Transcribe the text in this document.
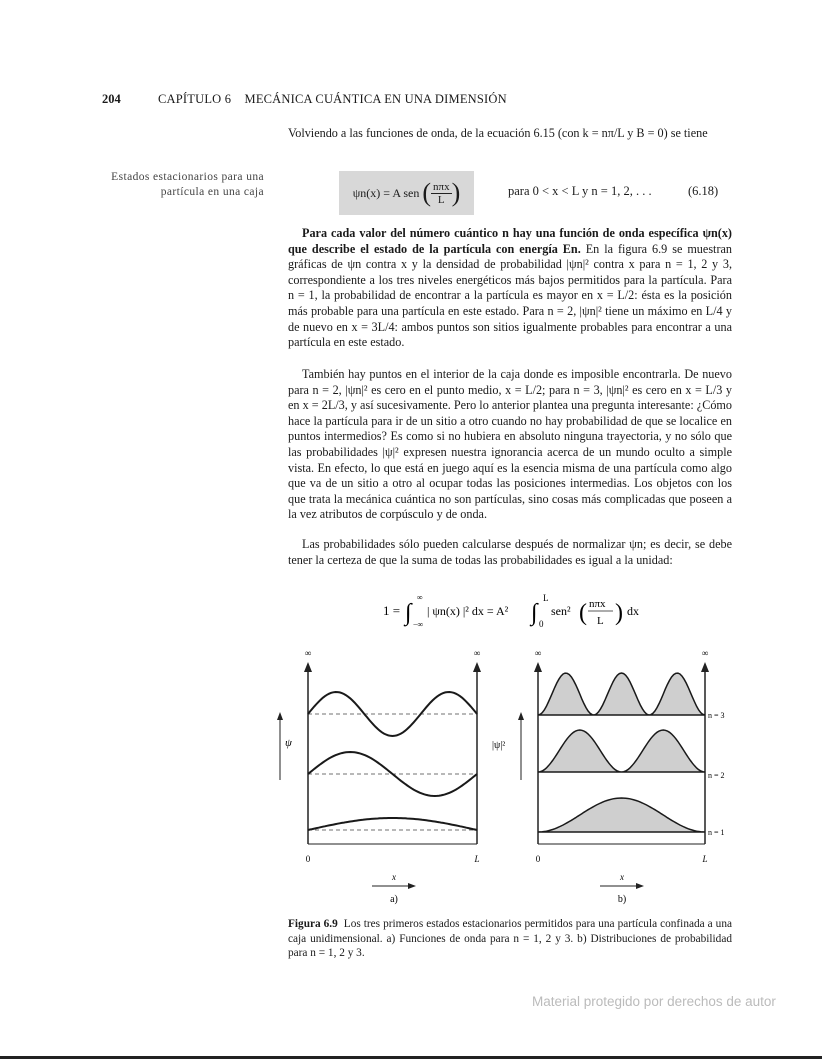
204	CAPÍTULO 6 MECÁNICA CUÁNTICA EN UNA DIMENSIÓN
Estados estacionarios para una partícula en una caja
Volviendo a las funciones de onda, de la ecuación 6.15 (con k = nπ/L y B = 0) se tiene
ψn(x) = A sen
( $\frac{\text{nπx}}{L}$ )	para 0 < x < L y n = 1, 2, . . .	(6.18)

Para cada valor del número cuántico n hay una función de onda específica ψn(x) que describe el estado de la partícula con energía En. En la figura 6.9 se muestran gráficas de ψn contra x y la densidad de probabilidad |ψn|² contra x para n = 1, 2 y 3, correspondiente a los tres niveles energéticos más bajos permitidos para la partícula. Para n = 1, la probabilidad de encontrar a la partícula es mayor en x = L/2: ésta es la posición más probable para una partícula en este estado. Para n = 2, |ψn|² tiene un máximo en L/4 y de nuevo en x = 3L/4: ambos puntos son sitios igualmente probables para encontrar a una partícula en este estado.

También hay puntos en el interior de la caja donde es imposible encontrarla. De nuevo para n = 2, |ψn|² es cero en el punto medio, x = L/2; para n = 3, |ψn|² es cero en x = L/3 y en x = 2L/3, y así sucesivamente. Pero lo anterior plantea una pregunta interesante: ¿Cómo hace la partícula para ir de un sitio a otro cuando no hay probabilidad de que se localice en puntos intermedios? Es como si no hubiera en absoluto ninguna trayectoria, y no sólo que las probabilidades |ψ|² expresen nuestra ignorancia acerca de un mundo oculto a simple vista. En efecto, lo que está en juego aquí es la esencia misma de una partícula como algo que va de un sitio a otro al ocupar todas las posiciones intermedias. Los objetos con los que trata la mecánica cuántica no son partículas, sino cosas más complicadas que poseen a la vez atributos de corpúsculo y de onda.

Las probabilidades sólo pueden calcularse después de normalizar ψn; es decir, se debe tener la certeza de que la suma de todas las probabilidades es igual a la unidad:

1 = ∫
∞
−∞
| ψn(x) |² dx = A² ∫
L
0
sen² ( nπx
L ) dx
∞	∞
ψ
0	L
x
a)
∞	∞
|ψ|²
0	L
x
b)
n = 3
n = 2
n = 1
Figura 6.9 Los tres primeros estados estacionarios permitidos para una partícula confinada a una caja unidimensional. a) Funciones de onda para n = 1, 2 y 3. b) Distribuciones de probabilidad para n = 1, 2 y 3.
Material protegido por derechos de autor
